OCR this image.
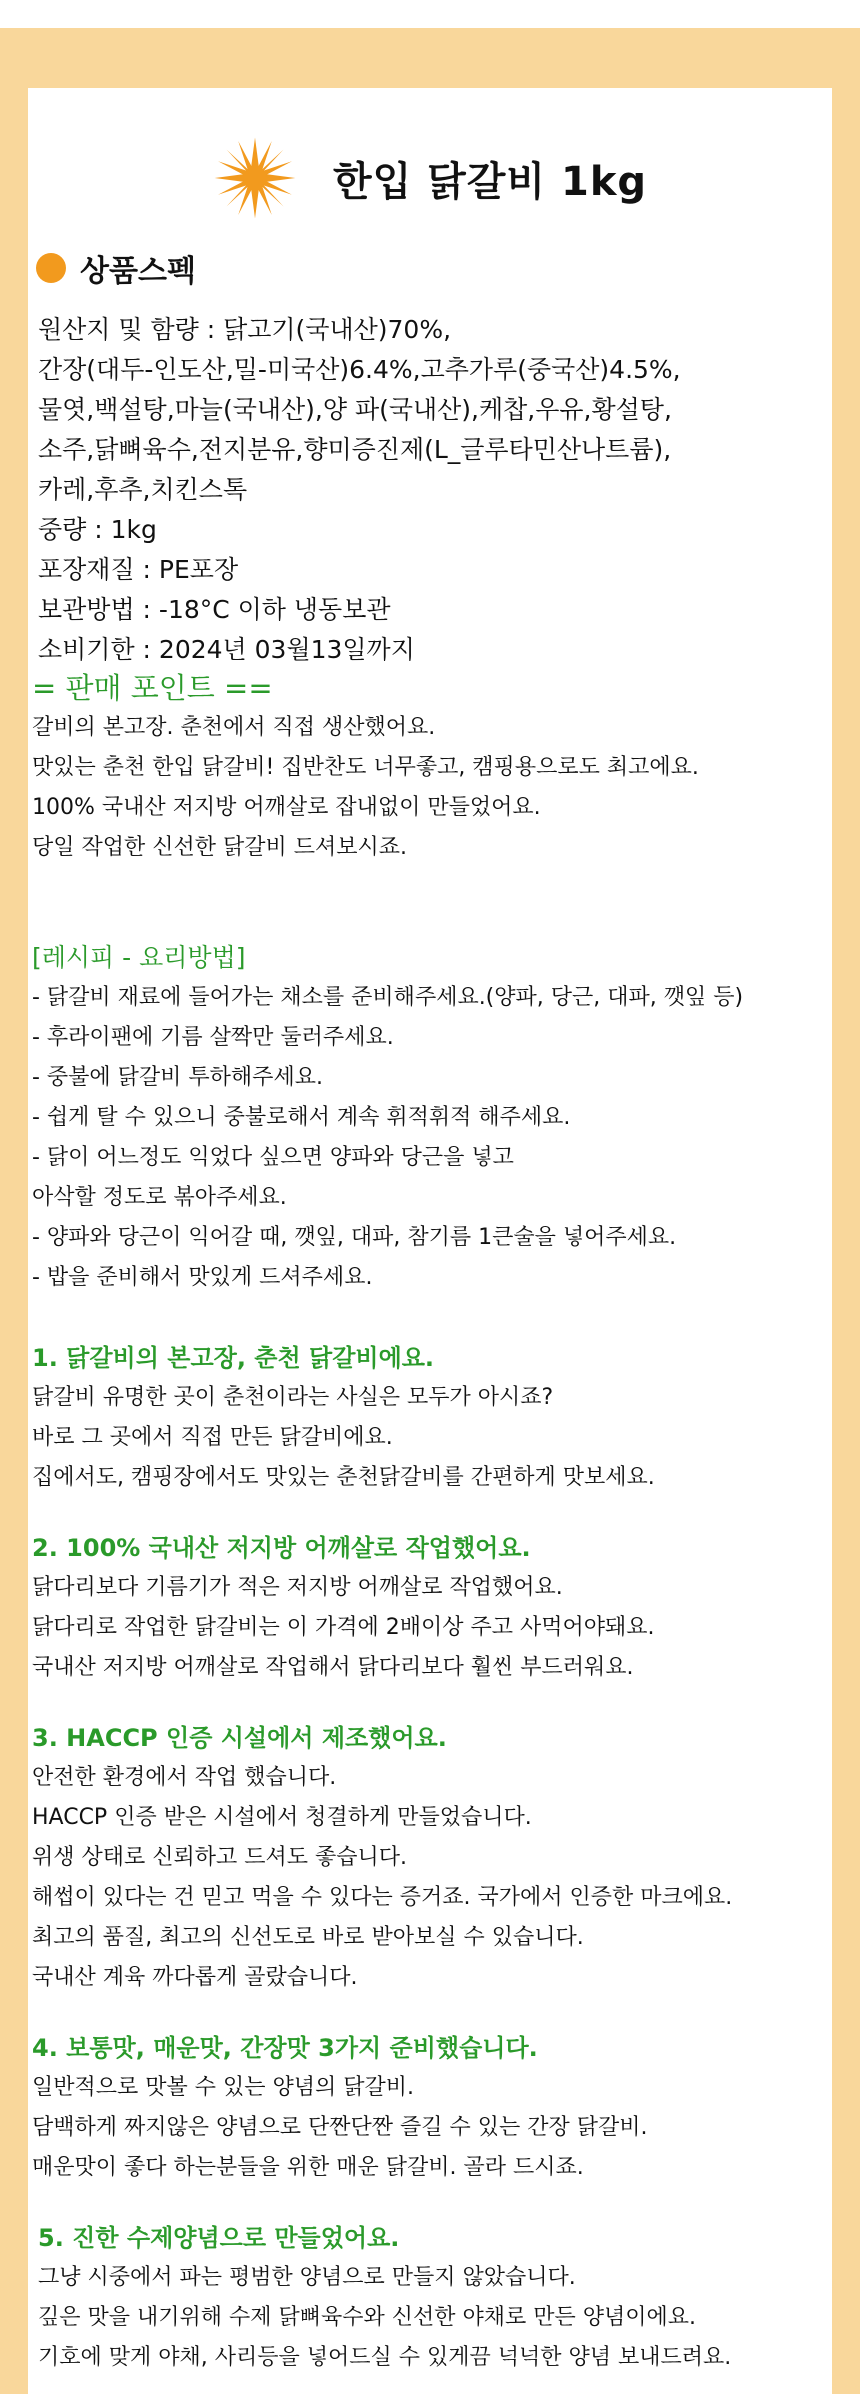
한입 닭갈비 1kg
상품스펙
원산지 및 함량 : 닭고기(국내산)70%,
간장(대두-인도산,밀-미국산)6.4%,고추가루(중국산)4.5%,
물엿,백설탕,마늘(국내산),양 파(국내산),케찹,우유,황설탕,
소주,닭뼈육수,전지분유,향미증진제(L_글루타민산나트륨),
카레,후추,치킨스톡
중량 : 1kg
포장재질 : PE포장
보관방법 : -18°C 이하 냉동보관
소비기한 : 2024년 03월13일까지
= 판매 포인트 ==
갈비의 본고장. 춘천에서 직접 생산했어요.
맛있는 춘천 한입 닭갈비! 집반찬도 너무좋고, 캠핑용으로도 최고에요.
100% 국내산 저지방 어깨살로 잡내없이 만들었어요.
당일 작업한 신선한 닭갈비 드셔보시죠.
[레시피 - 요리방법]
- 닭갈비 재료에 들어가는 채소를 준비해주세요.(양파, 당근, 대파, 깻잎 등)
- 후라이팬에 기름 살짝만 둘러주세요.
- 중불에 닭갈비 투하해주세요.
- 쉽게 탈 수 있으니 중불로해서 계속 휘적휘적 해주세요.
- 닭이 어느정도 익었다 싶으면 양파와 당근을 넣고
아삭할 정도로 볶아주세요.
- 양파와 당근이 익어갈 때, 깻잎, 대파, 참기름 1큰술을 넣어주세요.
- 밥을 준비해서 맛있게 드셔주세요.
1. 닭갈비의 본고장, 춘천 닭갈비에요.
닭갈비 유명한 곳이 춘천이라는 사실은 모두가 아시죠?
바로 그 곳에서 직접 만든 닭갈비에요.
집에서도, 캠핑장에서도 맛있는 춘천닭갈비를 간편하게 맛보세요.
2. 100% 국내산 저지방 어깨살로 작업했어요.
닭다리보다 기름기가 적은 저지방 어깨살로 작업했어요.
닭다리로 작업한 닭갈비는 이 가격에 2배이상 주고 사먹어야돼요.
국내산 저지방 어깨살로 작업해서 닭다리보다 훨씬 부드러워요.
3. HACCP 인증 시설에서 제조했어요.
안전한 환경에서 작업 했습니다.
HACCP 인증 받은 시설에서 청결하게 만들었습니다.
위생 상태로 신뢰하고 드셔도 좋습니다.
해썹이 있다는 건 믿고 먹을 수 있다는 증거죠. 국가에서 인증한 마크에요.
최고의 품질, 최고의 신선도로 바로 받아보실 수 있습니다.
국내산 계육 까다롭게 골랐습니다.
4. 보통맛, 매운맛, 간장맛 3가지 준비했습니다.
일반적으로 맛볼 수 있는 양념의 닭갈비.
담백하게 짜지않은 양념으로 단짠단짠 즐길 수 있는 간장 닭갈비.
매운맛이 좋다 하는분들을 위한 매운 닭갈비. 골라 드시죠.
5. 진한 수제양념으로 만들었어요.
그냥 시중에서 파는 평범한 양념으로 만들지 않았습니다.
깊은 맛을 내기위해 수제 닭뼈육수와 신선한 야채로 만든 양념이에요.
기호에 맞게 야채, 사리등을 넣어드실 수 있게끔 넉넉한 양념 보내드려요.
